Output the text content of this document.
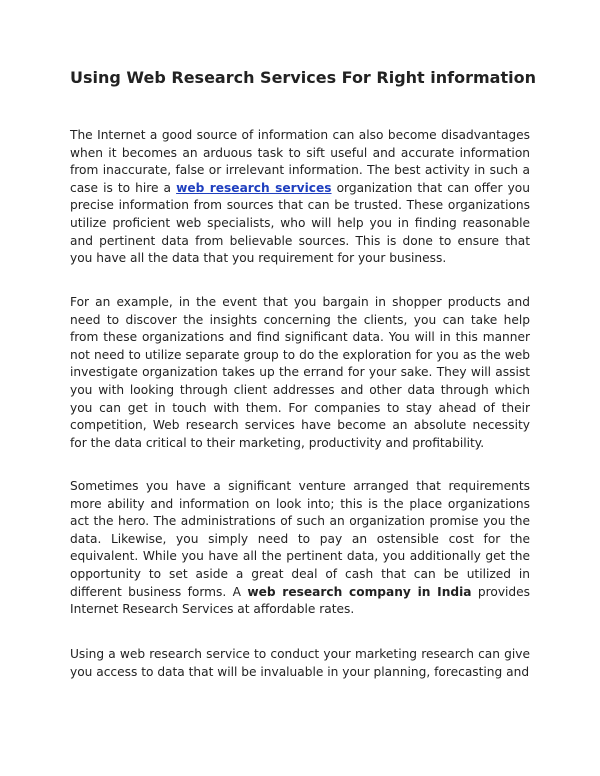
Using Web Research Services For Right information

The Internet a good source of information can also become disadvantages when it becomes an arduous task to sift useful and accurate information from inaccurate, false or irrelevant information. The best activity in such a case is to hire a web research services organization that can offer you precise information from sources that can be trusted. These organizations utilize proficient web specialists, who will help you in finding reasonable and pertinent data from believable sources. This is done to ensure that you have all the data that you requirement for your business.

For an example, in the event that you bargain in shopper products and need to discover the insights concerning the clients, you can take help from these organizations and find significant data. You will in this manner not need to utilize separate group to do the exploration for you as the web investigate organization takes up the errand for your sake. They will assist you with looking through client addresses and other data through which you can get in touch with them. For companies to stay ahead of their competition, Web research services have become an absolute necessity for the data critical to their marketing, productivity and profitability.

Sometimes you have a significant venture arranged that requirements more ability and information on look into; this is the place organizations act the hero. The administrations of such an organization promise you the data. Likewise, you simply need to pay an ostensible cost for the equivalent. While you have all the pertinent data, you additionally get the opportunity to set aside a great deal of cash that can be utilized in different business forms. A web research company in India provides Internet Research Services at affordable rates.

Using a web research service to conduct your marketing research can give you access to data that will be invaluable in your planning, forecasting and
